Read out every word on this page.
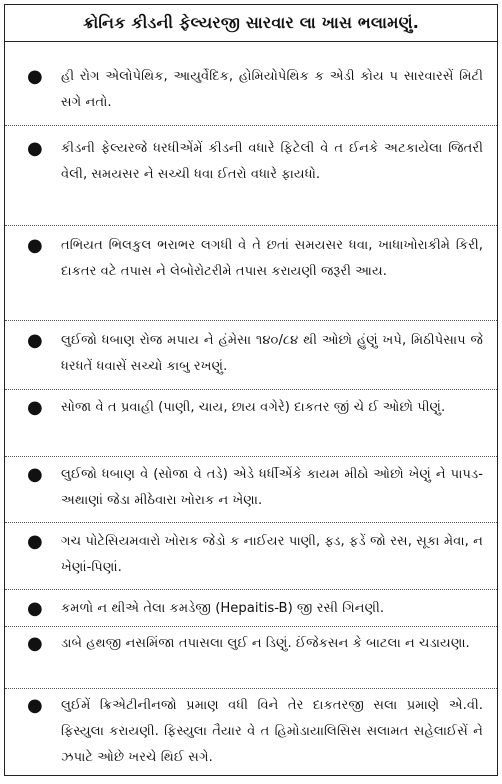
ક્રોનિક કીડની ફેલ્યરજી સારવાર લા ખાસ ભલામણું.
● હી રોગ એલોપેથિક, આયુર્વેદિક, હોમિયોપેથિક ક એડી કોય પ સારવારસેં મિટી સગે નતો.
● કીડની ફેલ્યરજે ધરધીએંમેં કીડની વધારે ફિટેલી વે ત ઈનકે અટકાયેલા જિતરી વેલી, સમયસર ને સચ્ચી ધવા ઈતરો વધારે ફાયધો.
● તભિયત ભિલકુલ ભરાભર લગધી વે તે છતાં સમયસર ધવા, ખાધાખોરાકીમે કિરી, દાકતર વટે તપાસ ને લેબોરોટરીમે તપાસ કરાયણી જરૂરી આય.
● લુઈજો ધબાણ રોજ મપાય ને હંમેસા ૧૪૦/૮૪ થી ઓછો હુંણું ખપે, મિઠીપેસાપ જે ધરધતેં ધવાસેં સચ્ચો કાબુ રખણું.
● સોજા વે ત પ્રવાહી (પાણી, ચાય, છાય વગેરે) દાકતર જીં ચે ઈ ઓછો પીણું.
● લુઈજો ધબાણ વે (સોજા વે તડે) એડે ધર્ધીએંકે કાયમ મીઠો ઓછો ખેણું ને પાપડ-અથાણાં જેડા મીઠેવારા ખોરાક ન ખેણા.
● ગચ પોટેસિયમવારો ખોરાક જેડો ક નાઈયર પાણી, ફ્ડ, ફડેં જો રસ, સૂકા મેવા, ન ખેણાં-પિણાં.
● કમળો ન થીએ તેલા કમડેજી (Hepaitis-B) જી રસી ગિનણી.
● ડાબે હથજી નસમિંજા તપાસલા લુઈ ન ડિણું. ઈંજેકસન કે બાટલા ન ચડાયણા.
● લુઈમેં ક્રિએટીનીનજો પ્રમાણ વધી વિને તેર દાકતરજી સલા પ્રમાણે એ.વી. ફિસ્યુલા કરાયણી. ફિસ્યુલા તૈયાર વે ત હિમોડાયાલિસિસ સલામત સહેલાઈસેં ને ઝપાટે ઓછે ખરચે થિઈ સગે.
